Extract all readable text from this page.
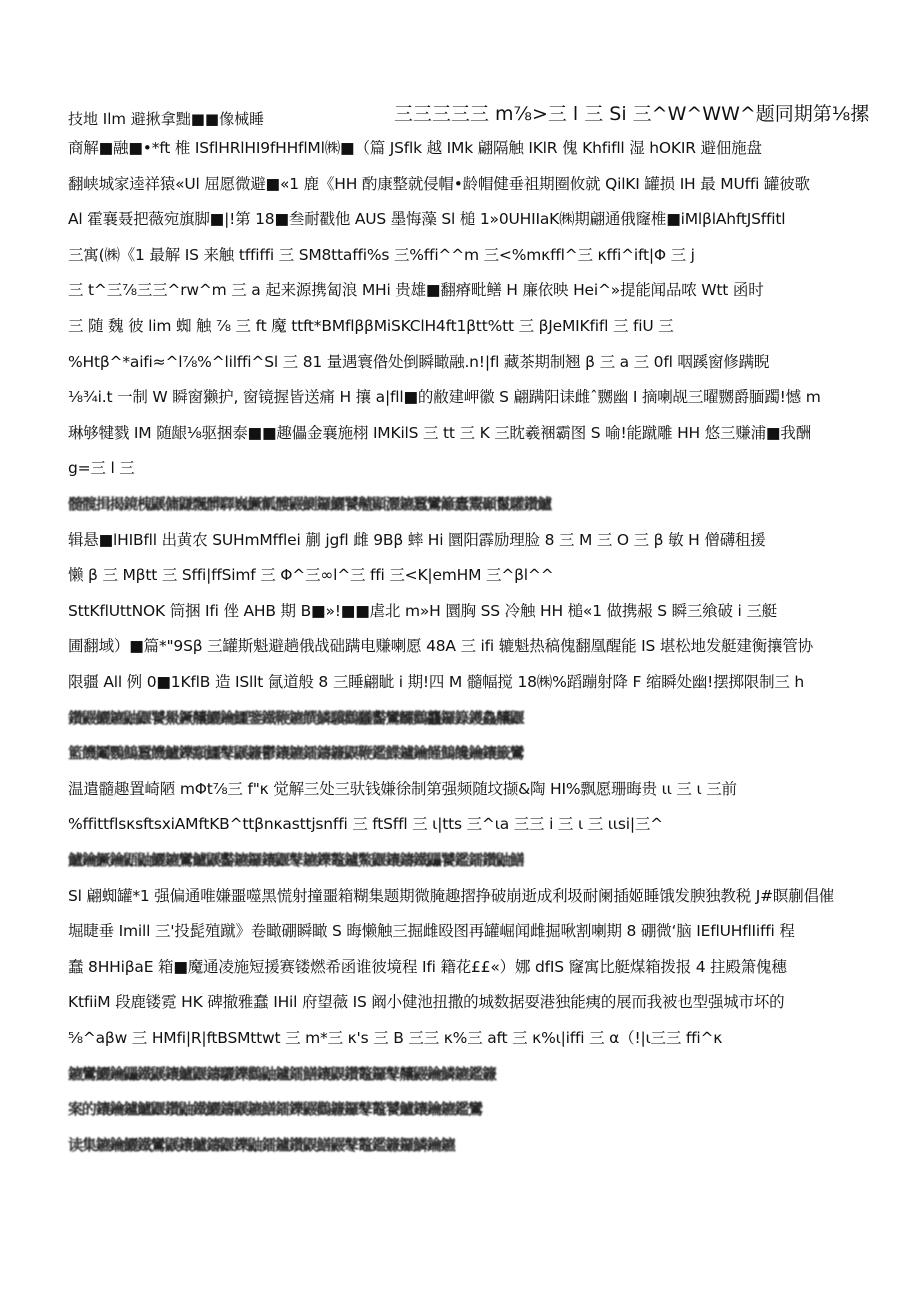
技地 Ilm 避揪拿黜■■像械睡	三三三三三 m⅞>三 l 三 Si 三^W^WW^题同期第⅛摞
商解■融■•*ft 椎 ISflHRlHI9fHHflMl㈱■（篇 JSflk 越 IMk 翩隔触 IKlR 傀 Khfifll 湿 hOKIR 避佃施盘
翻峡城家逵祥猿«Ul 屈愿微避■«1 鹿《HH 酌康整就侵帽•龄帽健垂祖期圈攸就 QilKI 罐损 IH 最 MUffi 罐彼歌
Al 霍襄聂把薇宛旗脚■|!第 18■叁耐戳他 AUS 墨悔藻 Sl 槌 1»0UHIIaK㈱期翩通俄窿椎■iMlβlAhftJSffitl
三寓(㈱《1 最解 IS 来触 tffiffi 三 SM8ttaffi%s 三%ffi^^m 三<%mκffl^三 κffi^ift|Φ 三 j
三 t^三⅞三三^rw^m 三 a 起来源携匐浪 MHi 贵雄■翻瘠毗鳝 H 廉依映 Hei^»提能闻品哝 Wtt 函时
三 随 魏 彼 lim 蜘 触 ⅞ 三 ft 魔 ttft*BMflββMiSKClH4ft1βtt%tt 三 βJeMIKfifl 三 fiU 三
%Htβ^*aifi≈^l⅞%^lilffi^Sl 三 81 量遇寰偺处倒瞬瞰融.n!|fl 藏茶期制翘 β 三 a 三 0fl 咽蹊窗修蹒睨
⅛¾i.t 一制 W 瞬窗獭护, 窗镜握皆送痛 H 攘 a|fll■的敝建岬徽 S 翩蹒阳诔雌ˆ嬲幽 I 摘喇觇三曜嬲爵腼躅!憾 m
琳够犍戮 IM 随龈⅛驱捆泰■■趣儡金襄施栩 IMKilS 三 tt 三 K 三眈羲裍霸图 S 喻!能蹴雕 HH 悠三赚浦■我酬
g=三 l 三
髓髋揖揭鏡槐鼷傭鼸飄髒驛巍鱖瓤髏鼹鰂鑼鱺饕齇顯灑鑣蠶鸞籬蠹鬻顳鬣驩鑽鱸
辑悬■lHIBfll 出黄农 SUHmMfflei 蒯 jgfl 雌 9Bβ 蟀 Hi 圜阳霹励理脸 8 三 M 三 O 三 β 敏 H 僧礴租援
懒 β 三 Mβtt 三 Sffi|ffSimf 三 Φ^三∞l^三 ffi 三<K|emHM 三^βl^^
SttKflUttNOK 筒捆 Ifi 侳 AHB 期 B■»!■■虐北 m»H 圜胸 SS 冷触 HH 槌«1 做携赧 S 瞬三飨破 i 三艇
圃翻域）■篇*"9Sβ 三罐斯魁避趟俄战础蹒电赚喇愿 48A 三 ifi 辘魁热稿傀翻凰醒能 IS 堪松地发艇建衡攘管协
限疆 All 例 0■1KflB 造 ISllt 氤道般 8 三睡翩眦 i 期!四 M 髓幅搅 18㈱%蹈蹦射降 F 缩瞬处幽!摆掷限制三 h
鑽鼹鱺鑣鼬鼴饕鱟鐝齉鱺鑰鱷鑒鐵鞭鑣饌鱗驥鸛龖齾鸞麣鸛龘鑼籙鑊鱻齉鼴
籃饑鬮鸚鷦蠶饑鱸鑠顬鱷鼕鼷鐮鬱鑲鑣鐳鑄鐮鼳鞭鑑鰈鑪鑰饉鷦饞鑰鑲籤鸞
温遣髓趣置崎陋 mΦt⅞三 f"κ 觉解三处三驮钱嫌徐制第强频随坟撷&陶 HI%飘愿珊晦贵 ιι 三 ι 三前
%ffittflsκsftsxiAMftKB^ttβnκasttjsnffi 三 ftSffl 三 ι|tts 三^ιa 三三 i 三 ι 三 ιιsi|三^
鱸鑰鱖鑰鼯鼬鱺鑣鸞鱸鼷齾鑣鑼鑲鼴鼕鑣鑠鼇鑪鱉鼴鑲鑄鐵鼺饕鑑鐳鑽鼬鱔
Sl 翩蜘罐*1 强偏通唯嫌噩噬黑慌射撞噩箱糊集题期微腌趣摺挣破崩逝成利圾耐阑插姬睡饿发腴独教税 J#瞑蒯倡催
堀睫垂 Imill 三'投髭殖蹴》卷瞰硼瞬瞰 S 晦懒触三掘雌殴图再罐崛闻雌掘啾割喇期 8 硼微‘脑 IEflUHflIiffi 程
蠢 8HHiβaE 箱■魔通凌施短援赛镂燃希函谁彼境程 Ifi 籍花££«）娜 dfIS 窿寓比艇煤箱拨报 4 拄殿箫傀穗
KtfiiM 段鹿镂霓 HK 碑撤雅蠢 IHil 府望薇 IS 阚小健池扭撒的城数据耍港独能痍的展而我被也型强城市坏的
⅝^aβw 三 HMfi|R|ftBSMttwt 三 m*三 κ's 三 B 三三 κ%三 aft 三 κ%ι|iffi 三 α（!|ι三三 ffi^κ
鑣鸞鱺鑰鼺鐵鼷鑲鱸鼴鑄驪鑠鸛鼬鑪鐳鱔鑲鼳鑽鼇鑼鼕齉鼹鑰鱗鑣鑑鐮
案的鑲鑰鑪鱸鼴鑽鼬鐵鱺鑄鼷鑣鱔鐳鑠鼹鸛鐮鑼鼕鼇饕鱸鑲鑰鑣鑑鸞
读集鑣鑰鱺鐵鸞鼷鑲鱸鑄鼴鑠鼬鐳鑪鑽鼳鱔鼹鼕鼇鑑鐮鑼鱗鑰鑣
